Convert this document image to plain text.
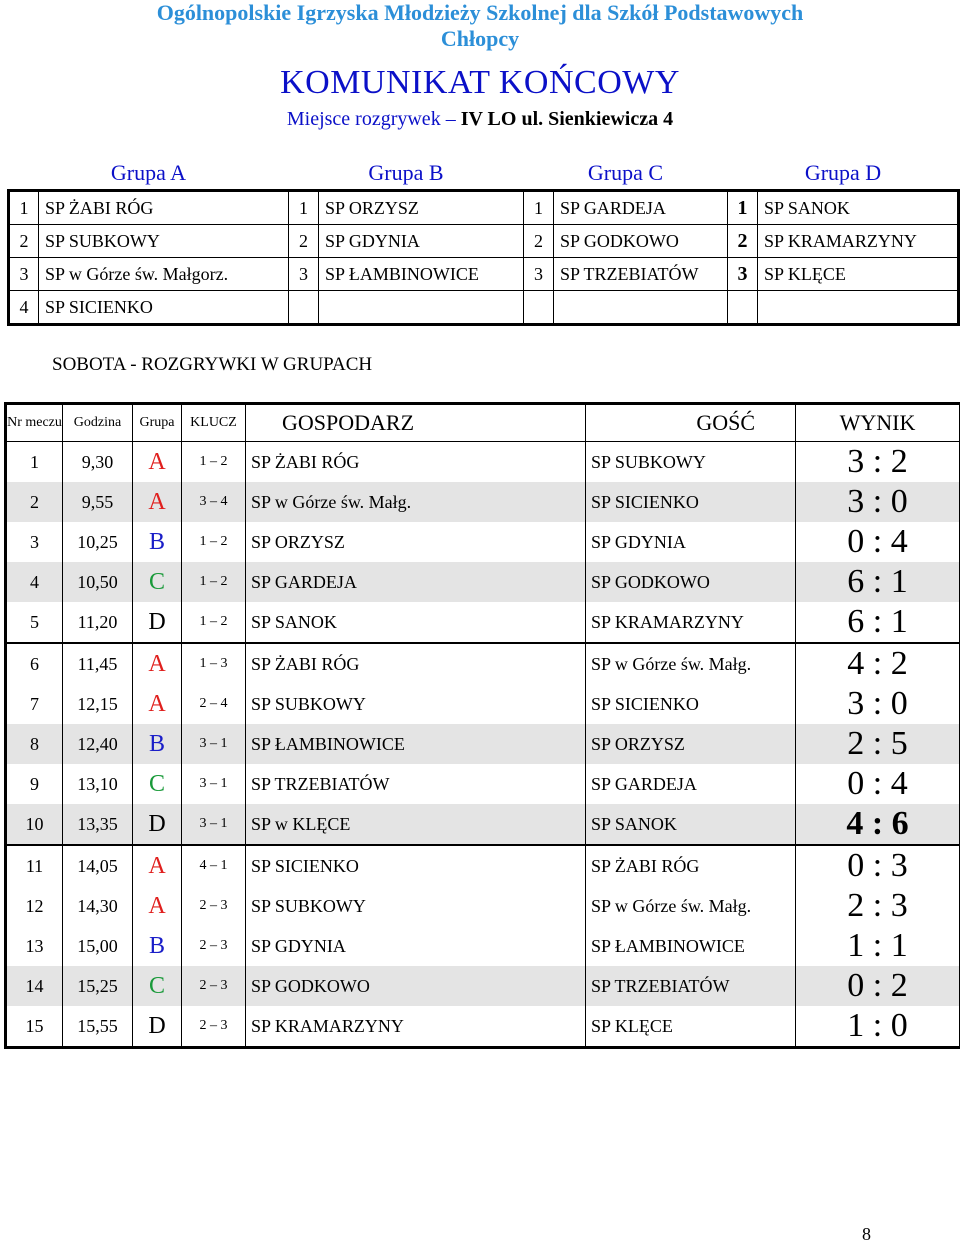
Ogólnopolskie Igrzyska Młodzieży Szkolnej dla Szkół Podstawowych
Chłopcy
KOMUNIKAT KOŃCOWY
Miejsce rozgrywek – IV LO ul. Sienkiewicza 4
Grupa A		Grupa B		Grupa C		Grupa D	
1	SP ŻABI RÓG	1	SP ORZYSZ	1	SP GARDEJA	1	SP SANOK
2	SP SUBKOWY	2	SP GDYNIA	2	SP GODKOWO	2	SP KRAMARZYNY
3	SP w Górze św. Małgorz.	3	SP ŁAMBINOWICE	3	SP TRZEBIATÓW	3	SP KLĘCE
4	SP SICIENKO						
SOBOTA - ROZGRYWKI W GRUPACH
Nr meczu	Godzina	Grupa	KLUCZ	GOSPODARZ	GOŚĆ	WYNIK
1	9,30	A	1 – 2	SP ŻABI RÓG	SP SUBKOWY	3 : 2
2	9,55	A	3 – 4	SP w Górze św. Małg.	SP SICIENKO	3 : 0
3	10,25	B	1 – 2	SP ORZYSZ	SP GDYNIA	0 : 4
4	10,50	C	1 – 2	SP GARDEJA	SP GODKOWO	6 : 1
5	11,20	D	1 – 2	SP SANOK	SP KRAMARZYNY	6 : 1
6	11,45	A	1 – 3	SP ŻABI RÓG	SP w Górze św. Małg.	4 : 2
7	12,15	A	2 – 4	SP SUBKOWY	SP SICIENKO	3 : 0
8	12,40	B	3 – 1	SP ŁAMBINOWICE	SP ORZYSZ	2 : 5
9	13,10	C	3 – 1	SP TRZEBIATÓW	SP GARDEJA	0 : 4
10	13,35	D	3 – 1	SP w KLĘCE	SP SANOK	4 : 6
11	14,05	A	4 – 1	SP SICIENKO	SP ŻABI RÓG	0 : 3
12	14,30	A	2 – 3	SP SUBKOWY	SP w Górze św. Małg.	2 : 3
13	15,00	B	2 – 3	SP GDYNIA	SP ŁAMBINOWICE	1 : 1
14	15,25	C	2 – 3	SP GODKOWO	SP TRZEBIATÓW	0 : 2
15	15,55	D	2 – 3	SP KRAMARZYNY	SP KLĘCE	1 : 0
8
